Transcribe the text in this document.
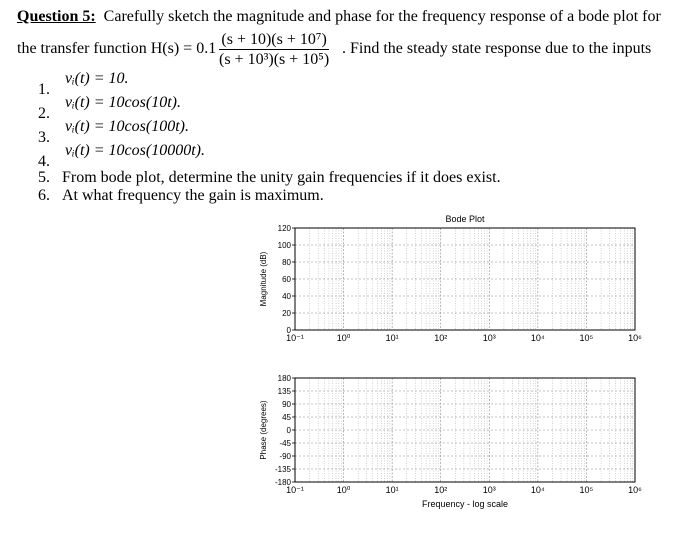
Question 5: Carefully sketch the magnitude and phase for the frequency response of a bode plot for
the transfer function $H(s) = 0.1 \frac{\text{(s + 10)(s + 10⁷)}}{\text{(s + 10³)(s + 10⁵)}}$ . Find the steady state response due to the inputs
1.vᵢ(t) = 10.
2.vᵢ(t) = 10cos(10t).
3.vᵢ(t) = 10cos(100t).
4.vᵢ(t) = 10cos(10000t).
5. From bode plot, determine the unity gain frequencies if it does exist.
6. At what frequency the gain is maximum.
10⁻¹	10⁰	10¹	10²	10³	10⁴	10⁵	10⁶
0
20
40
60
80
100
120
Magnitude (dB)
Bode Plot
10⁻¹	10⁰	10¹	10²	10³	10⁴	10⁵	10⁶
180
135
90
45
0
-45
-90
-135
-180
Phase (degrees)
Frequency - log scale
